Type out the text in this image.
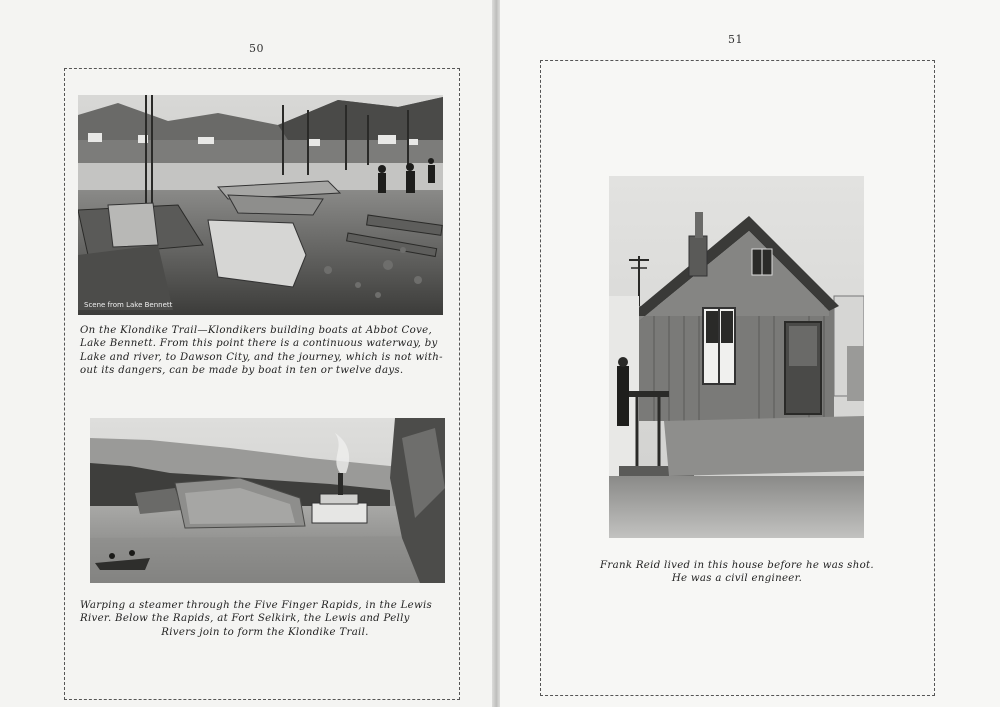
50
Scene from Lake Bennett
On the Klondike Trail—Klondikers building boats at Abbot Cove,
Lake Bennett. From this point there is a continuous waterway, by
Lake and river, to Dawson City, and the journey, which is not with-
out its dangers, can be made by boat in ten or twelve days.
Warping a steamer through the Five Finger Rapids, in the Lewis
River. Below the Rapids, at Fort Selkirk, the Lewis and Pelly
Rivers join to form the Klondike Trail.
51
Frank Reid lived in this house before he was shot.
He was a civil engineer.
